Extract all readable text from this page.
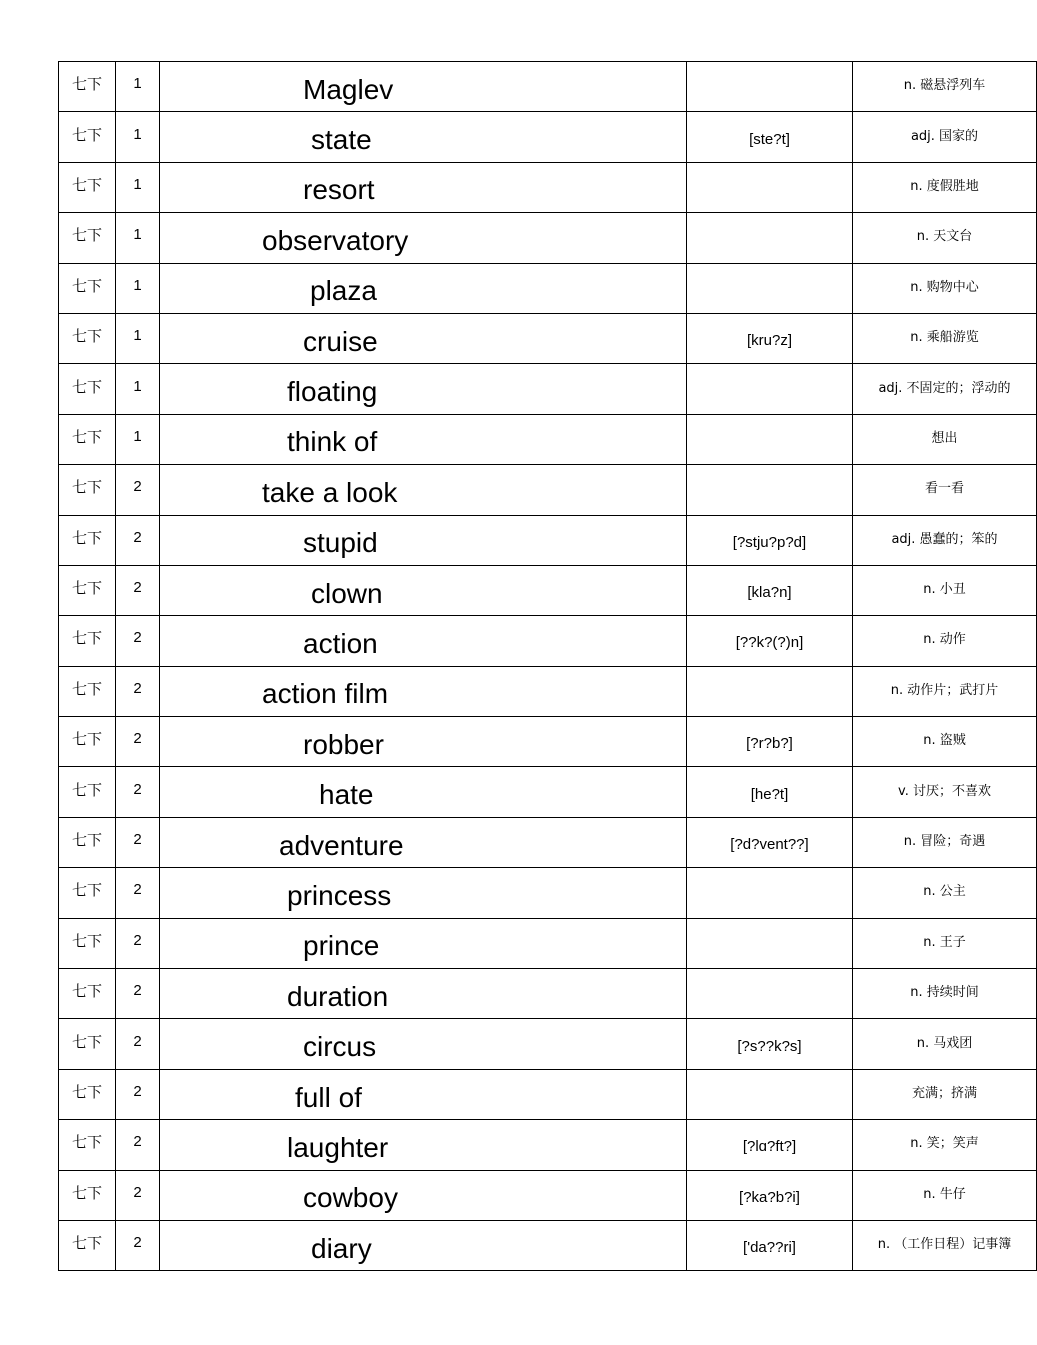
七下	1	Maglev		n. 磁悬浮列车
七下	1	state	[ste?t]	adj. 国家的
七下	1	resort		n. 度假胜地
七下	1	observatory		n. 天文台
七下	1	plaza		n. 购物中心
七下	1	cruise	[kru?z]	n. 乘船游览
七下	1	floating		adj. 不固定的；浮动的
七下	1	think of		想出
七下	2	take a look		看一看
七下	2	stupid	[?stju?p?d]	adj. 愚蠢的；笨的
七下	2	clown	[kla?n]	n. 小丑
七下	2	action	[??k?(?)n]	n. 动作
七下	2	action film		n. 动作片；武打片
七下	2	robber	[?r?b?]	n. 盗贼
七下	2	hate	[he?t]	v. 讨厌；不喜欢
七下	2	adventure	[?d?vent??]	n. 冒险；奇遇
七下	2	princess		n. 公主
七下	2	prince		n. 王子
七下	2	duration		n. 持续时间
七下	2	circus	[?s??k?s]	n. 马戏团
七下	2	full of		充满；挤满
七下	2	laughter	[?lɑ?ft?]	n. 笑；笑声
七下	2	cowboy	[?ka?b?i]	n. 牛仔
七下	2	diary	['da??ri]	n. （工作日程）记事簿
